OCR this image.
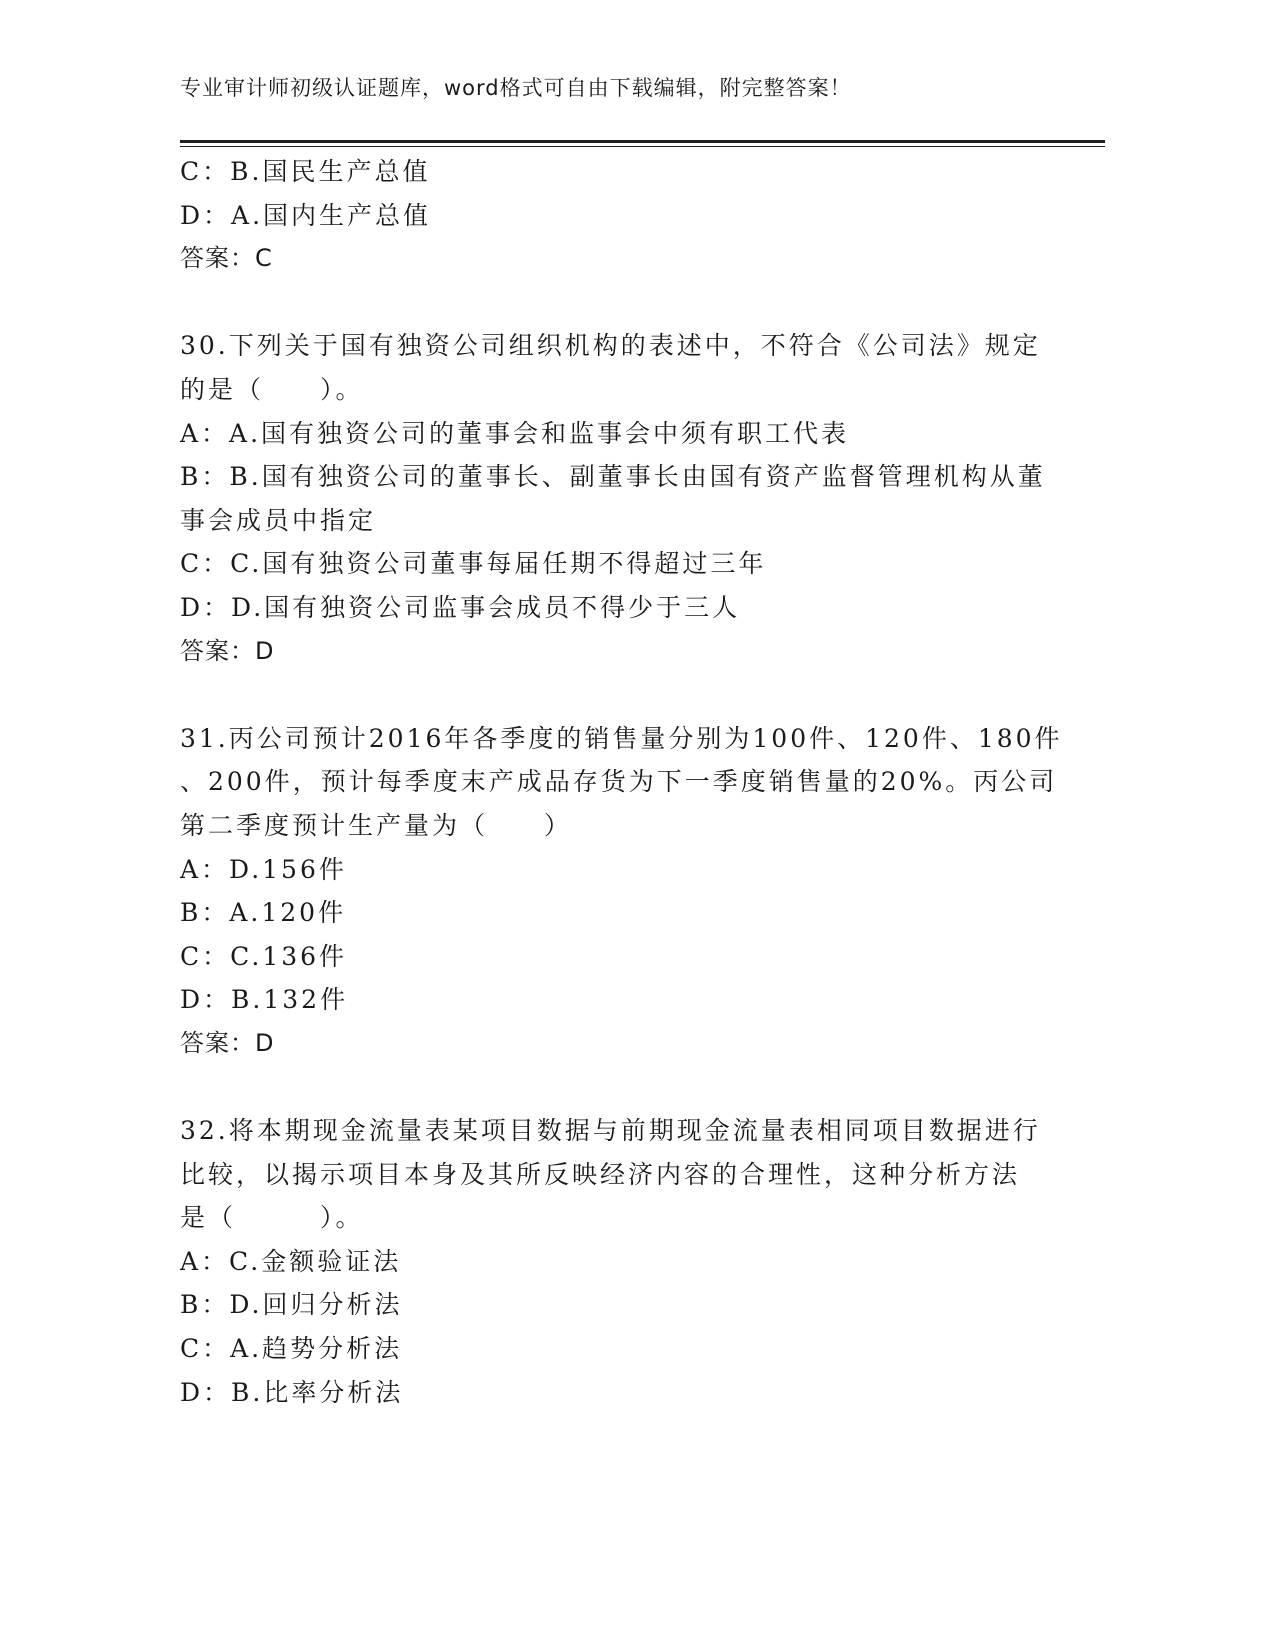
专业审计师初级认证题库，word格式可自由下载编辑，附完整答案！
C：B.国民生产总值
D：A.国内生产总值
答案：C
30.下列关于国有独资公司组织机构的表述中，不符合《公司法》规定
的是（　　）。
A：A.国有独资公司的董事会和监事会中须有职工代表
B：B.国有独资公司的董事长、副董事长由国有资产监督管理机构从董
事会成员中指定
C：C.国有独资公司董事每届任期不得超过三年
D：D.国有独资公司监事会成员不得少于三人
答案：D
31.丙公司预计2016年各季度的销售量分别为100件、120件、180件
、200件，预计每季度末产成品存货为下一季度销售量的20%。丙公司
第二季度预计生产量为（　　）
A：D.156件
B：A.120件
C：C.136件
D：B.132件
答案：D
32.将本期现金流量表某项目数据与前期现金流量表相同项目数据进行
比较，以揭示项目本身及其所反映经济内容的合理性，这种分析方法
是（　　　）。
A：C.金额验证法
B：D.回归分析法
C：A.趋势分析法
D：B.比率分析法
